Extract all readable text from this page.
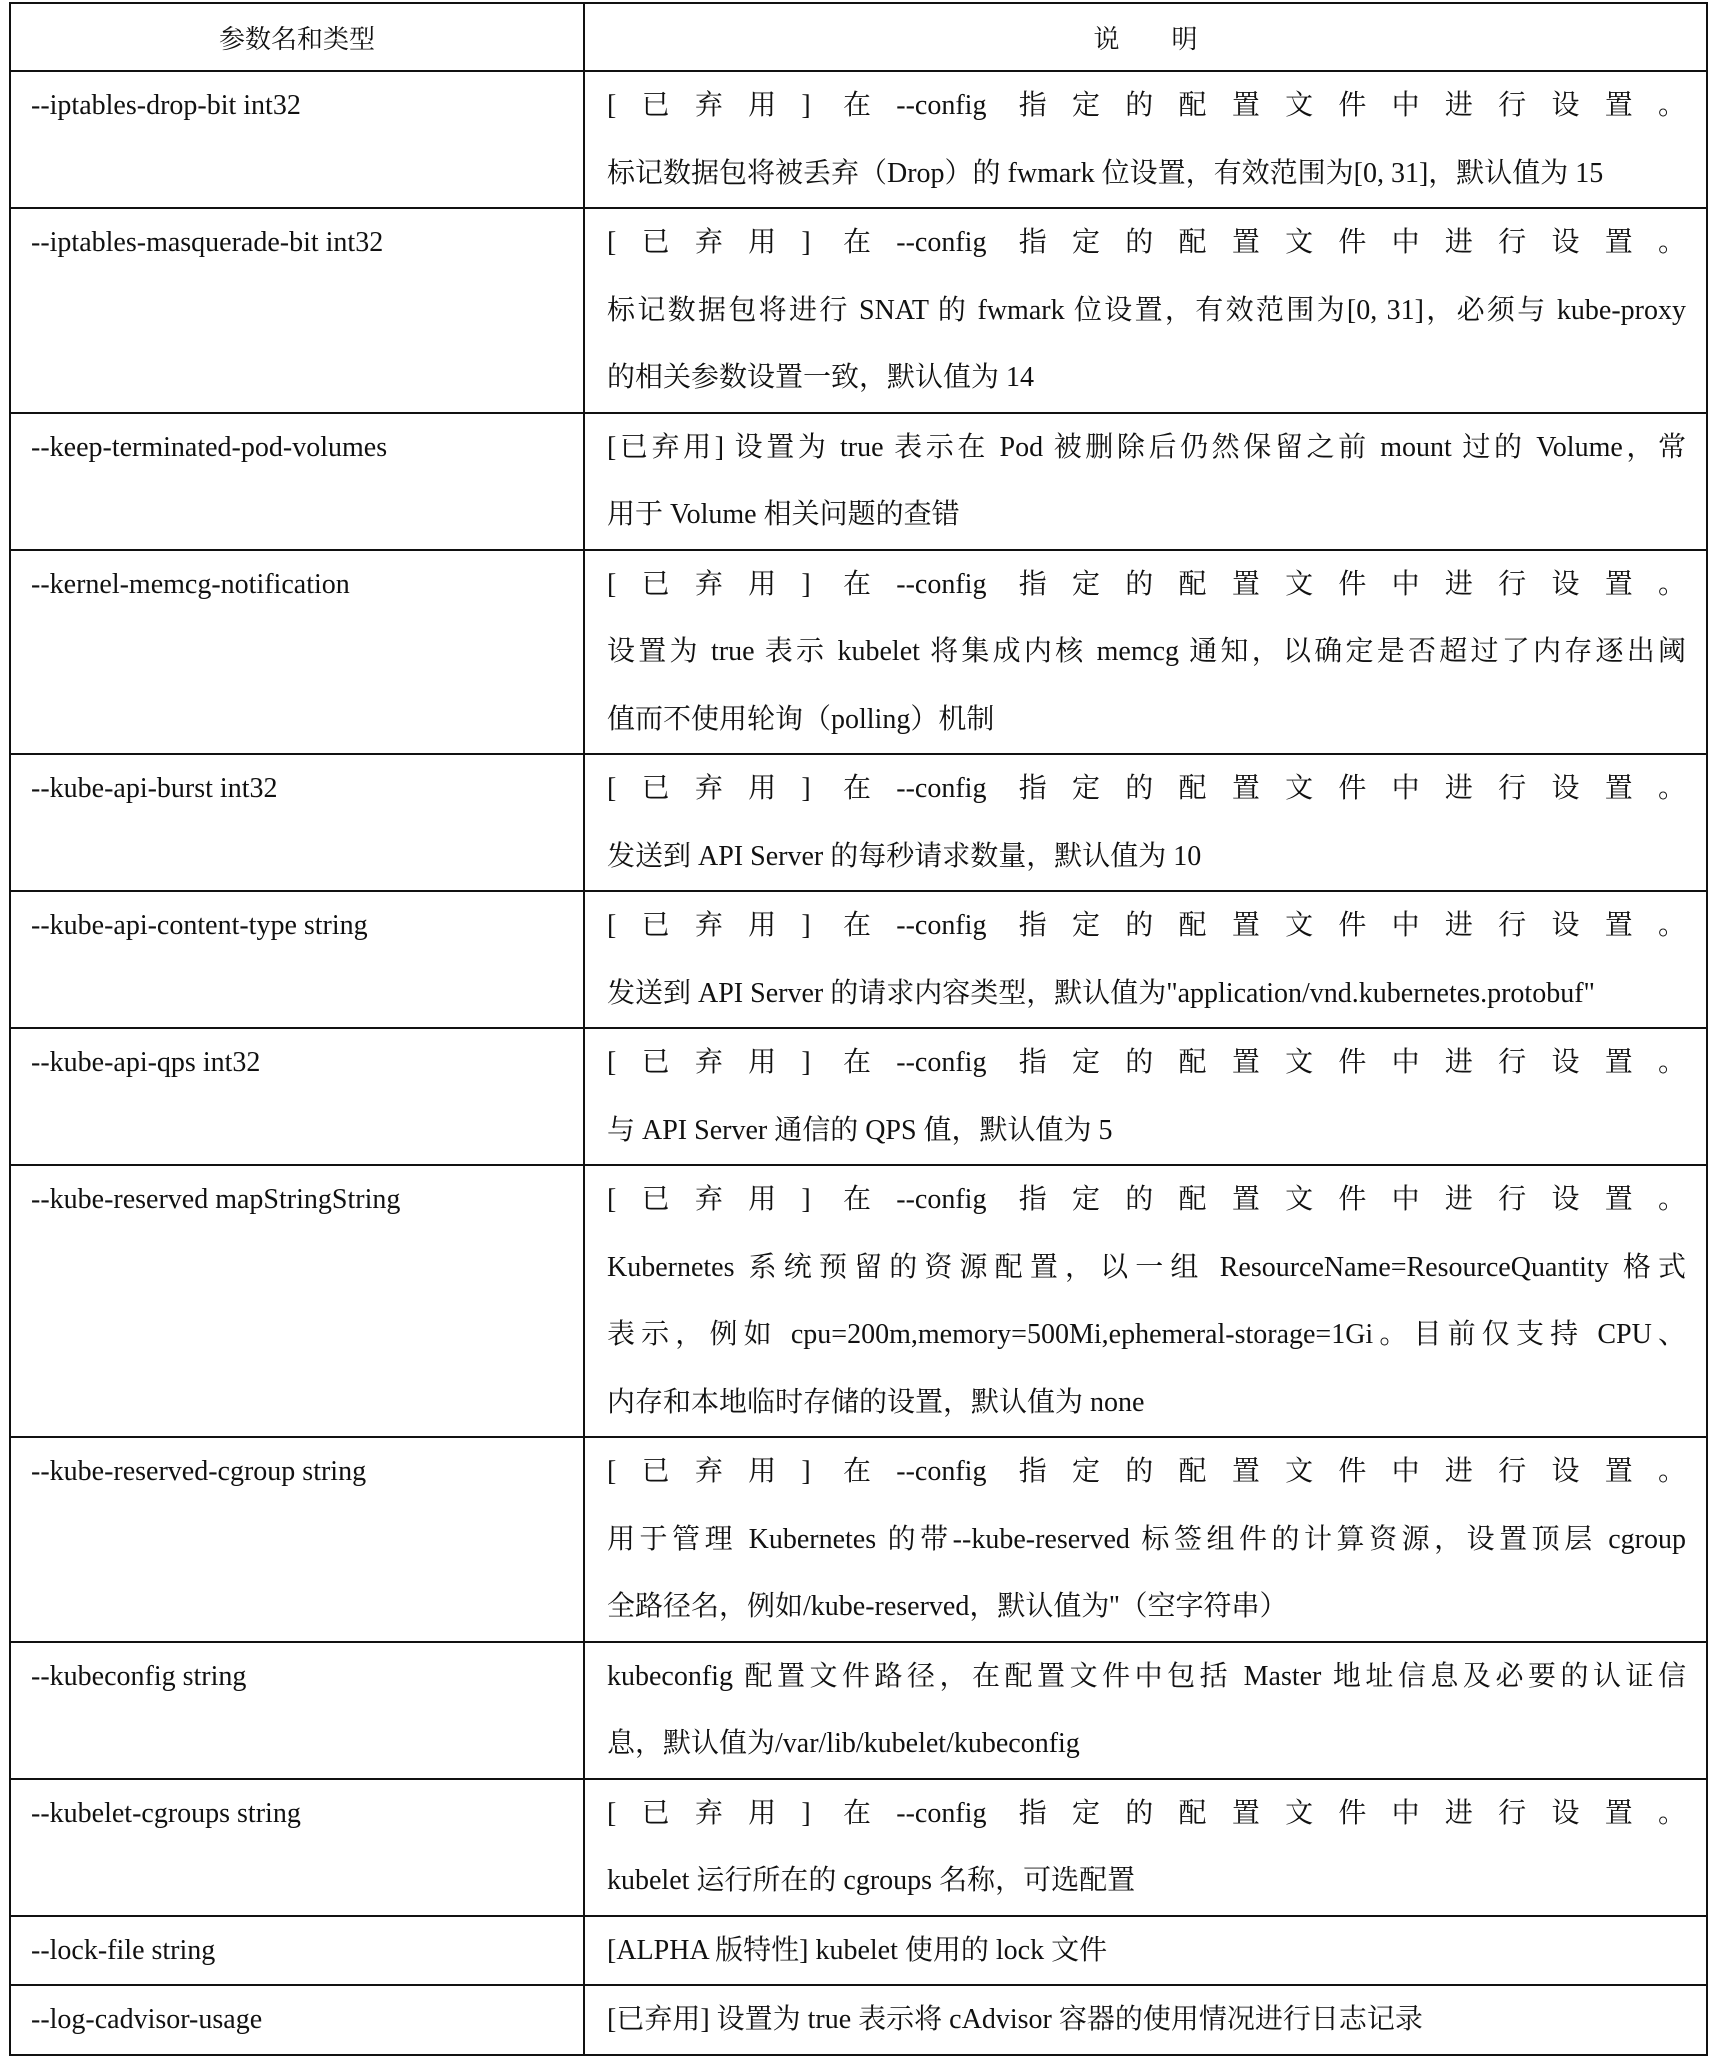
参数名和类型	说　　明
--iptables-drop-bit int32	[已弃用] 在--config 指定的配置文件中进行设置。
标记数据包将被丢弃（Drop）的 fwmark 位设置，有效范围为[0, 31]，默认值为 15

--iptables-masquerade-bit int32	[已弃用] 在--config 指定的配置文件中进行设置。
标记数据包将进行 SNAT 的 fwmark 位设置，有效范围为[0, 31]，必须与 kube-proxy
的相关参数设置一致，默认值为 14

--keep-terminated-pod-volumes	[已弃用] 设置为 true 表示在 Pod 被删除后仍然保留之前 mount 过的 Volume，常
用于 Volume 相关问题的查错

--kernel-memcg-notification	[已弃用] 在--config 指定的配置文件中进行设置。
设置为 true 表示 kubelet 将集成内核 memcg 通知，以确定是否超过了内存逐出阈
值而不使用轮询（polling）机制

--kube-api-burst int32	[已弃用] 在--config 指定的配置文件中进行设置。
发送到 API Server 的每秒请求数量，默认值为 10

--kube-api-content-type string	[已弃用] 在--config 指定的配置文件中进行设置。
发送到 API Server 的请求内容类型，默认值为"application/vnd.kubernetes.protobuf"

--kube-api-qps int32	[已弃用] 在--config 指定的配置文件中进行设置。
与 API Server 通信的 QPS 值，默认值为 5

--kube-reserved mapStringString	[已弃用] 在--config 指定的配置文件中进行设置。
Kubernetes 系统预留的资源配置，以一组 ResourceName=ResourceQuantity 格式
表示，例如 cpu=200m,memory=500Mi,ephemeral-storage=1Gi。目前仅支持 CPU、
内存和本地临时存储的设置，默认值为 none

--kube-reserved-cgroup string	[已弃用] 在--config 指定的配置文件中进行设置。
用于管理 Kubernetes 的带--kube-reserved 标签组件的计算资源，设置顶层 cgroup
全路径名，例如/kube-reserved，默认值为''（空字符串）

--kubeconfig string	kubeconfig 配置文件路径，在配置文件中包括 Master 地址信息及必要的认证信
息，默认值为/var/lib/kubelet/kubeconfig

--kubelet-cgroups string	[已弃用] 在--config 指定的配置文件中进行设置。
kubelet 运行所在的 cgroups 名称，可选配置

--lock-file string	[ALPHA 版特性] kubelet 使用的 lock 文件

--log-cadvisor-usage	[已弃用] 设置为 true 表示将 cAdvisor 容器的使用情况进行日志记录
